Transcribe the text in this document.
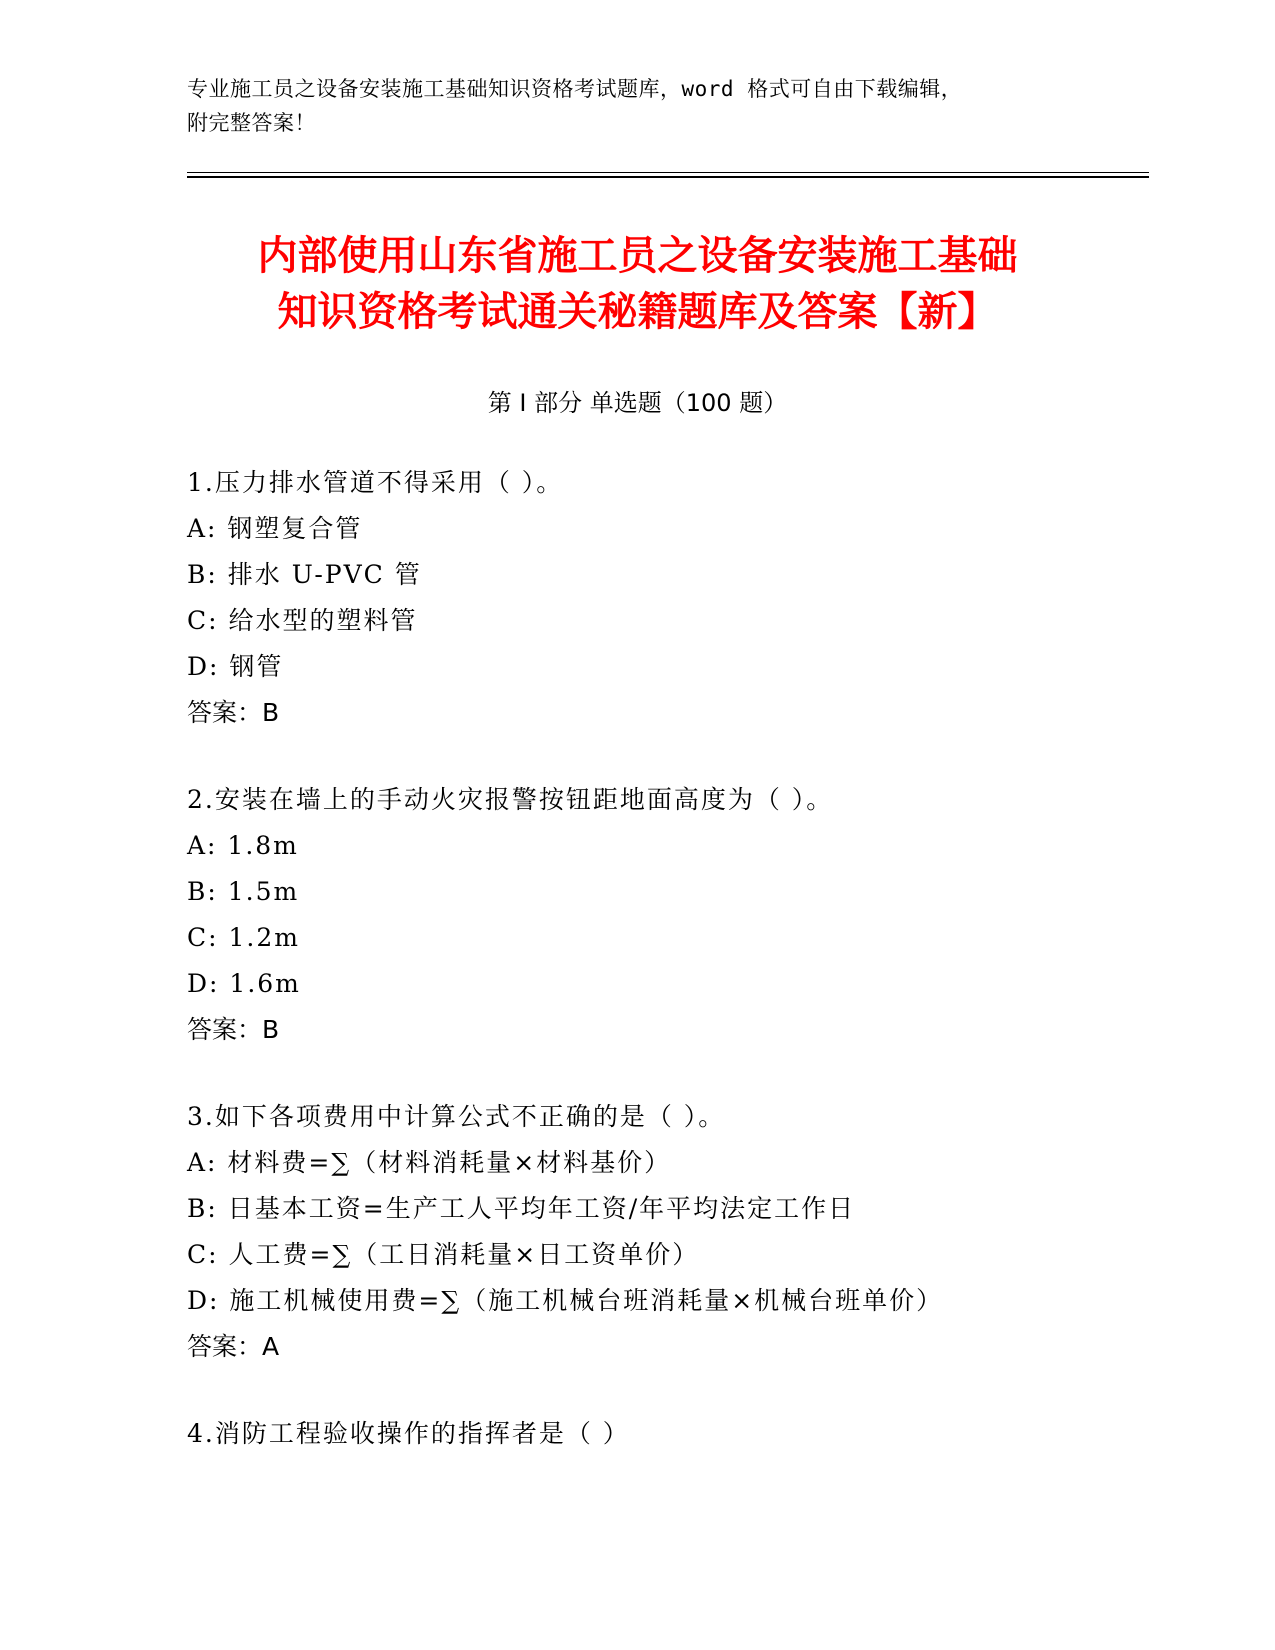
专业施工员之设备安装施工基础知识资格考试题库，word 格式可自由下载编辑，
附完整答案！
内部使用山东省施工员之设备安装施工基础
知识资格考试通关秘籍题库及答案【新】
第 I 部分 单选题（100 题）
1.压力排水管道不得采用（ ）。
A: 钢塑复合管
B: 排水 U-PVC 管
C: 给水型的塑料管
D: 钢管
答案：B
2.安装在墙上的手动火灾报警按钮距地面高度为（ ）。
A: 1.8m
B: 1.5m
C: 1.2m
D: 1.6m
答案：B
3.如下各项费用中计算公式不正确的是（ ）。
A: 材料费=∑（材料消耗量×材料基价）
B: 日基本工资=生产工人平均年工资/年平均法定工作日
C: 人工费=∑（工日消耗量×日工资单价）
D: 施工机械使用费=∑（施工机械台班消耗量×机械台班单价）
答案：A
4.消防工程验收操作的指挥者是（ ）
